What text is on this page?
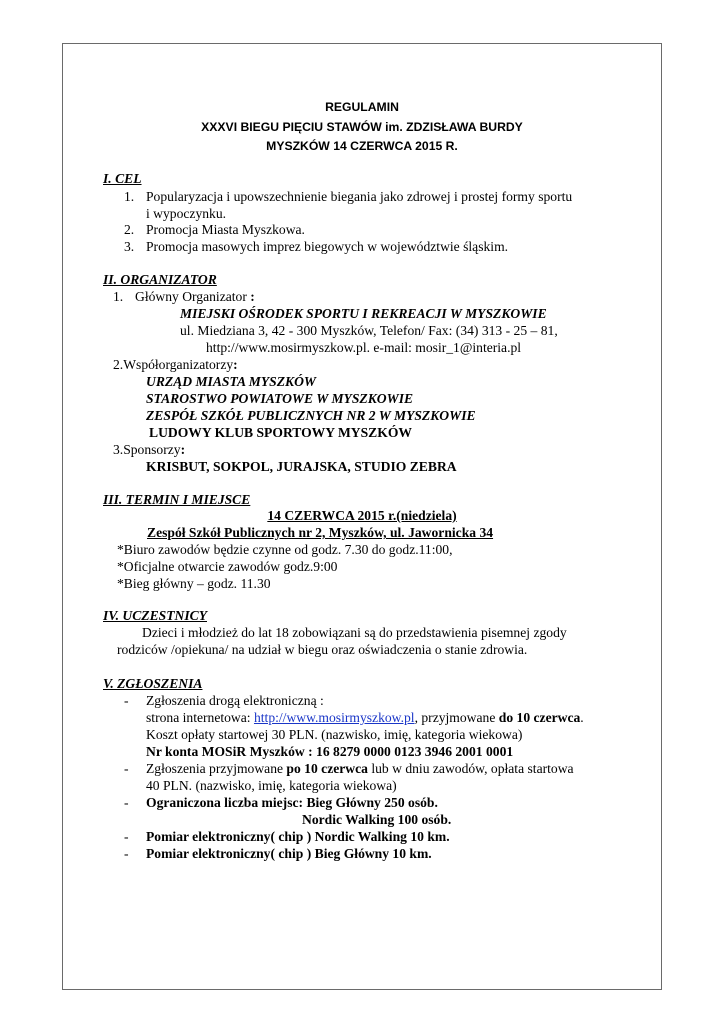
REGULAMIN
XXXVI BIEGU PIĘCIU STAWÓW im. ZDZISŁAWA BURDY
MYSZKÓW 14 CZERWCA 2015 R.
I. CEL
1. Popularyzacja i upowszechnienie biegania jako zdrowej i prostej formy sportu
i wypoczynku.
2. Promocja Miasta Myszkowa.
3. Promocja masowych imprez biegowych w województwie śląskim.
II. ORGANIZATOR
1. Główny Organizator :
MIEJSKI OŚRODEK SPORTU I REKREACJI W MYSZKOWIE
ul. Miedziana 3, 42 - 300 Myszków, Telefon/ Fax: (34) 313 - 25 – 81,
http://www.mosirmyszkow.pl. e-mail: mosir_1@interia.pl
2.Współorganizatorzy:
URZĄD MIASTA MYSZKÓW
STAROSTWO POWIATOWE W MYSZKOWIE
ZESPÓŁ SZKÓŁ PUBLICZNYCH NR 2 W MYSZKOWIE
LUDOWY KLUB SPORTOWY MYSZKÓW
3.Sponsorzy:
KRISBUT, SOKPOL, JURAJSKA, STUDIO ZEBRA
III. TERMIN I MIEJSCE
14 CZERWCA 2015 r.(niedziela)
Zespół Szkół Publicznych nr 2, Myszków, ul. Jawornicka 34
*Biuro zawodów będzie czynne od godz. 7.30 do godz.11:00,
*Oficjalne otwarcie zawodów godz.9:00
*Bieg główny – godz. 11.30
IV. UCZESTNICY
Dzieci i młodzież do lat 18 zobowiązani są do przedstawienia pisemnej zgody
rodziców /opiekuna/ na udział w biegu oraz oświadczenia o stanie zdrowia.
V. ZGŁOSZENIA
- Zgłoszenia drogą elektroniczną :
strona internetowa: http://www.mosirmyszkow.pl, przyjmowane do 10 czerwca.
Koszt opłaty startowej 30 PLN. (nazwisko, imię, kategoria wiekowa)
Nr konta MOSiR Myszków : 16 8279 0000 0123 3946 2001 0001
- Zgłoszenia przyjmowane po 10 czerwca lub w dniu zawodów, opłata startowa
40 PLN. (nazwisko, imię, kategoria wiekowa)
- Ograniczona liczba miejsc: Bieg Główny 250 osób.
Nordic Walking 100 osób.
- Pomiar elektroniczny( chip ) Nordic Walking 10 km.
- Pomiar elektroniczny( chip ) Bieg Główny 10 km.
